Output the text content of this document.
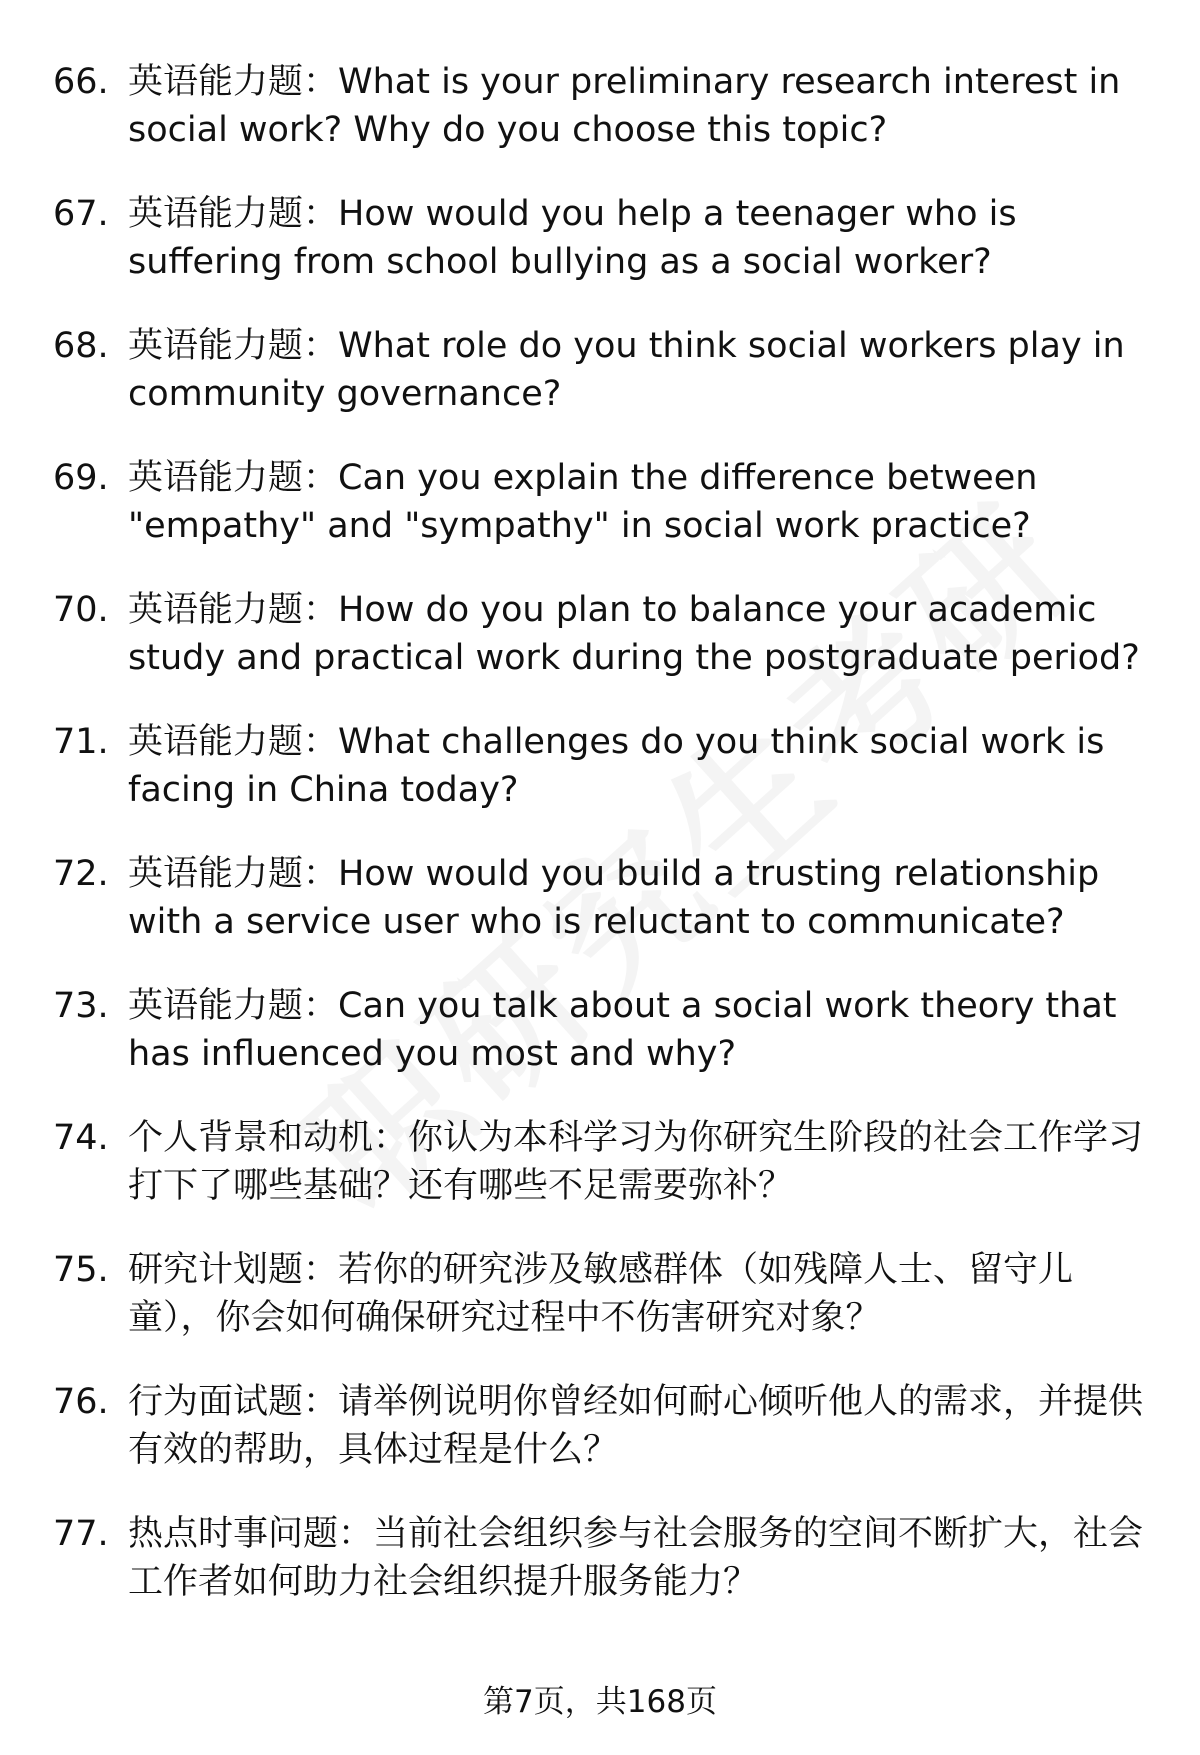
66. 英语能力题：What is your preliminary research interest in social work? Why do you choose this topic?
67. 英语能力题：How would you help a teenager who is suffering from school bullying as a social worker?
68. 英语能力题：What role do you think social workers play in community governance?
69. 英语能力题：Can you explain the difference between "empathy" and "sympathy" in social work practice?
70. 英语能力题：How do you plan to balance your academic study and practical work during the postgraduate period?
71. 英语能力题：What challenges do you think social work is facing in China today?
72. 英语能力题：How would you build a trusting relationship with a service user who is reluctant to communicate?
73. 英语能力题：Can you talk about a social work theory that has influenced you most and why?
74. 个人背景和动机：你认为本科学习为你研究生阶段的社会工作学习打下了哪些基础？还有哪些不足需要弥补？
75. 研究计划题：若你的研究涉及敏感群体（如残障人士、留守儿童），你会如何确保研究过程中不伤害研究对象？
76. 行为面试题：请举例说明你曾经如何耐心倾听他人的需求，并提供有效的帮助，具体过程是什么？
77. 热点时事问题：当前社会组织参与社会服务的空间不断扩大，社会工作者如何助力社会组织提升服务能力？
第7页，共168页
